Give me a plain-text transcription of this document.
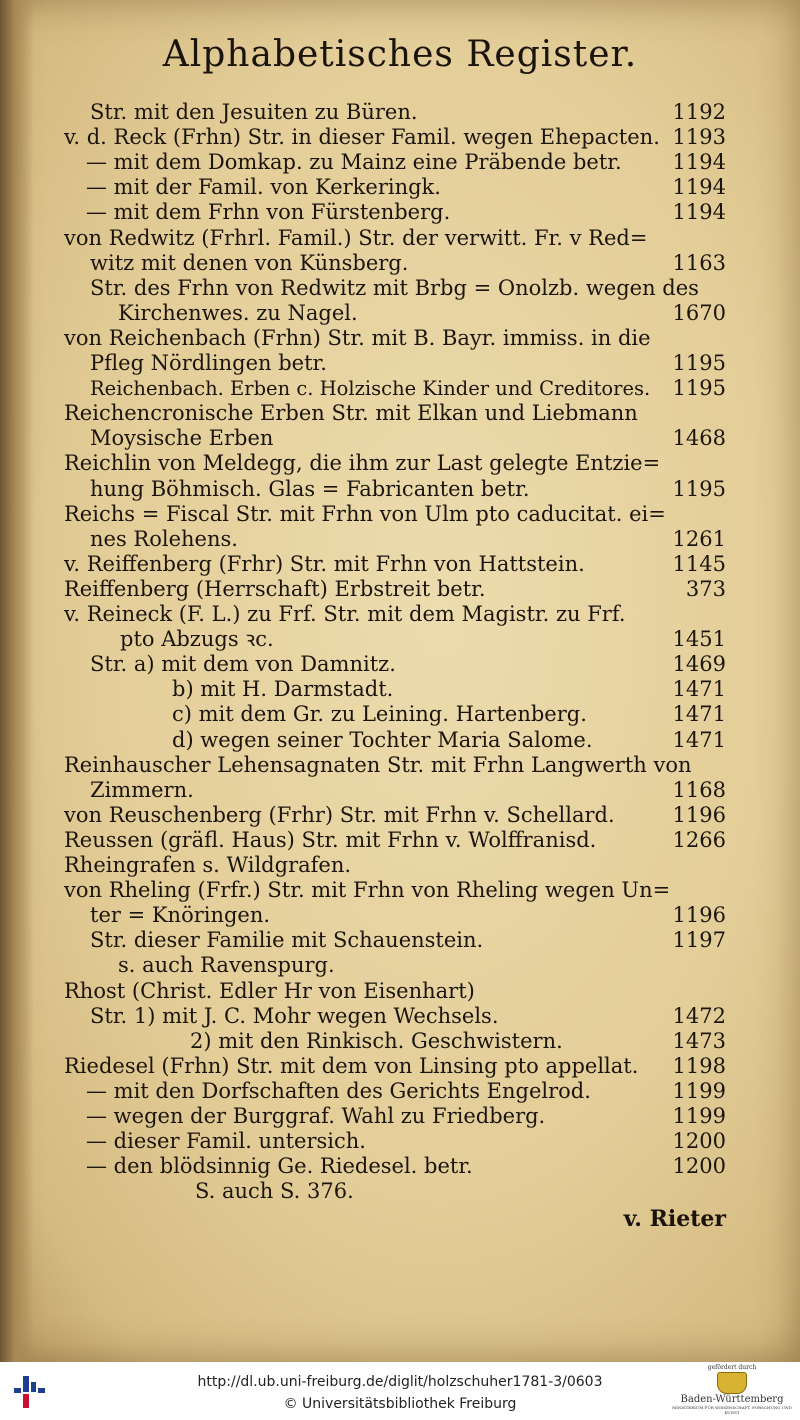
Alphabetisches Register.
Str. mit den Jesuiten zu Büren.	1192
v. d. Reck (Frhn) Str. in dieser Famil. wegen Ehepacten. 1193
— mit dem Domkap. zu Mainz eine Präbende betr. 1194
— mit der Famil. von Kerkeringk.	1194
— mit dem Frhn von Fürstenberg.	1194
von Redwitz (Frhrl. Famil.) Str. der verwitt. Fr. v Red=
witz mit denen von Künsberg.	1163
Str. des Frhn von Redwitz mit Brbg = Onolzb. wegen des
Kirchenwes. zu Nagel.	1670
von Reichenbach (Frhn) Str. mit B. Bayr. immiss. in die
Pfleg Nördlingen betr.	1195
Reichenbach. Erben c. Holzische Kinder und Creditores. 1195
Reichencronische Erben Str. mit Elkan und Liebmann
Moysische Erben	1468
Reichlin von Meldegg, die ihm zur Last gelegte Entzie=
hung Böhmisch. Glas = Fabricanten betr.	1195
Reichs = Fiscal Str. mit Frhn von Ulm pto caducitat. ei=
nes Rolehens.	1261
v. Reiffenberg (Frhr) Str. mit Frhn von Hattstein.	1145
Reiffenberg (Herrschaft) Erbstreit betr.	373
v. Reineck (F. L.) zu Frf. Str. mit dem Magistr. zu Frf.
pto Abzugs ꝛc.	1451
Str. a) mit dem von Damnitz.	1469
b) mit H. Darmstadt.	1471
c) mit dem Gr. zu Leining. Hartenberg.	1471
d) wegen seiner Tochter Maria Salome.	1471
Reinhauscher Lehensagnaten Str. mit Frhn Langwerth von
Zimmern.	1168
von Reuschenberg (Frhr) Str. mit Frhn v. Schellard.	1196
Reussen (gräfl. Haus) Str. mit Frhn v. Wolffranisd.	1266
Rheingrafen s. Wildgrafen.
von Rheling (Frfr.) Str. mit Frhn von Rheling wegen Un=
ter = Knöringen.	1196
Str. dieser Familie mit Schauenstein.	1197
s. auch Ravenspurg.
Rhost (Christ. Edler Hr von Eisenhart)
Str. 1) mit J. C. Mohr wegen Wechsels.	1472
2) mit den Rinkisch. Geschwistern.	1473
Riedesel (Frhn) Str. mit dem von Linsing pto appellat. 1198
— mit den Dorfschaften des Gerichts Engelrod.	1199
— wegen der Burggraf. Wahl zu Friedberg.	1199
— dieser Famil. untersich.	1200
— den blödsinnig Ge. Riedesel. betr.	1200
S. auch S. 376.
v. Rieter
http://dl.ub.uni-freiburg.de/diglit/holzschuher1781-3/0603
© Universitätsbibliothek Freiburg
gefördert durch
Baden-Württemberg
MINISTERIUM FÜR WISSENSCHAFT, FORSCHUNG UND KUNST
